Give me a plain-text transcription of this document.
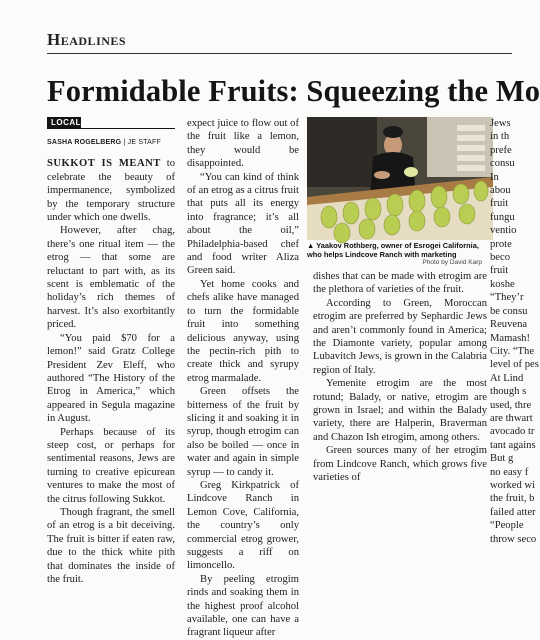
Headlines
Formidable Fruits: Squeezing the Mo
LOCAL
SASHA ROGELBERG | JE STAFF

SUKKOT IS MEANT to celebrate the beauty of impermanence, symbolized by the temporary structure under which one dwells.

However, after chag, there’s one ritual item — the etrog — that some are reluctant to part with, as its scent is emblematic of the holiday’s rich themes of harvest. It’s also exorbitantly priced.

“You paid $70 for a lemon!” said Gratz College President Zev Eleff, who authored “The History of the Etrog in America,” which appeared in Segula magazine in August.

Perhaps because of its steep cost, or perhaps for sentimental reasons, Jews are turning to creative epicurean ventures to make the most of the citrus following Sukkot.

Though fragrant, the smell of an etrog is a bit deceiving. The fruit is bitter if eaten raw, due to the thick white pith that dominates the inside of the fruit.

expect juice to flow out of the fruit like a lemon, they would be disappointed.

“You can kind of think of an etrog as a citrus fruit that puts all its energy into fragrance; it’s all about the oil,” Philadelphia-based chef and food writer Aliza Green said.

Yet home cooks and chefs alike have managed to turn the formidable fruit into something delicious anyway, using the pectin-rich pith to create thick and syrupy etrog marmalade.

Green offsets the bitterness of the fruit by slicing it and soaking it in syrup, though etrogim can also be boiled — once in water and again in simple syrup — to candy it.

Greg Kirkpatrick of Lindcove Ranch in Lemon Cove, California, the country’s only commercial etrog grower, suggests a riff on limoncello.

By peeling etrogim rinds and soaking them in the highest proof alcohol available, one can have a fragrant liqueur after

▲ Yaakov Rothberg, owner of Esrogei California, who helps Lindcove Ranch with marketing
Photo by David Karp

dishes that can be made with etrogim are the plethora of varieties of the fruit.

According to Green, Moroccan etrogim are preferred by Sephardic Jews and aren’t commonly found in America; the Diamonte variety, popular among Lubavitch Jews, is grown in the Calabria region of Italy.

Yemenite etrogim are the most rotund; Balady, or native, etrogim are grown in Israel; and within the Balady variety, there are Halperin, Braverman and Chazon Ish etrogim, among others.

Green sources many of her etrogim from Lindcove Ranch, which grows five varieties of

Jews
in th
prefe
consu
In
abou
fruit
fungu
ventio
prote
beco
fruit
koshe
“They’r
be consu
Reuvena
Mamash!
City. “The
level of pes
At Lind
though s
used, thre
are thwart
avocado tr
tant agains
But g
no easy f
worked wi
the fruit, b
failed atter
“People
throw seco
